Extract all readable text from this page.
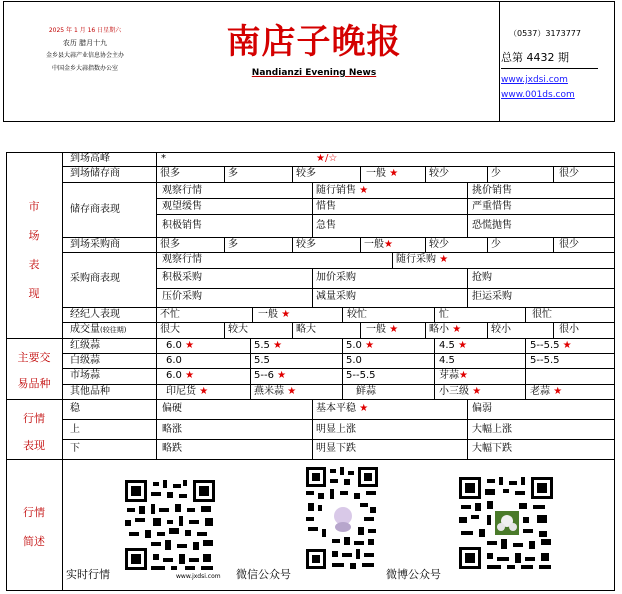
2025 年 1 月 16 日星期六
农历 腊月十九
金乡县大蒜产业信息协会主办
中国金乡大蒜指数办公室
南店子晚报
Nandianzi Evening News
（0537）3173777
总第 4432 期
www.jxdsi.com
www.001ds.com
市
场
表
现
主要交
易品种
行情
表现
行情
简述
到场高峰	*	★/☆
到场储存商	很多	多	较多	一般 ★	较少	少	很少
储存商表现
观察行情	随行销售 ★	挑价销售
观望缓售	惜售	严重惜售
积极销售	急售	恐慌抛售
到场采购商	很多	多	较多	一般★	较少	少	很少
采购商表现
观察行情	随行采购 ★
积极采购	加价采购	抢购
压价采购	减量采购	拒运采购
经纪人表现	不忙	一般 ★	较忙	忙	很忙
成交量(较往期)	很大	较大	略大	一般 ★	略小 ★	较小	很小
红级蒜	6.0 ★	5.5 ★	5.0 ★	4.5 ★	5--5.5 ★
白级蒜	6.0	5.5	5.0	4.5	5--5.5
市场蒜	6.0 ★	5--6 ★	5--5.5	芽蒜★
其他品种	印尼货 ★	燕米蒜 ★	鲜蒜	小三级 ★	老蒜 ★
稳	偏硬	基本平稳 ★	偏弱
上	略涨	明显上涨	大幅上涨
下	略跌	明显下跌	大幅下跌
www.jxdsi.com
实时行情	微信公众号	微博公众号
